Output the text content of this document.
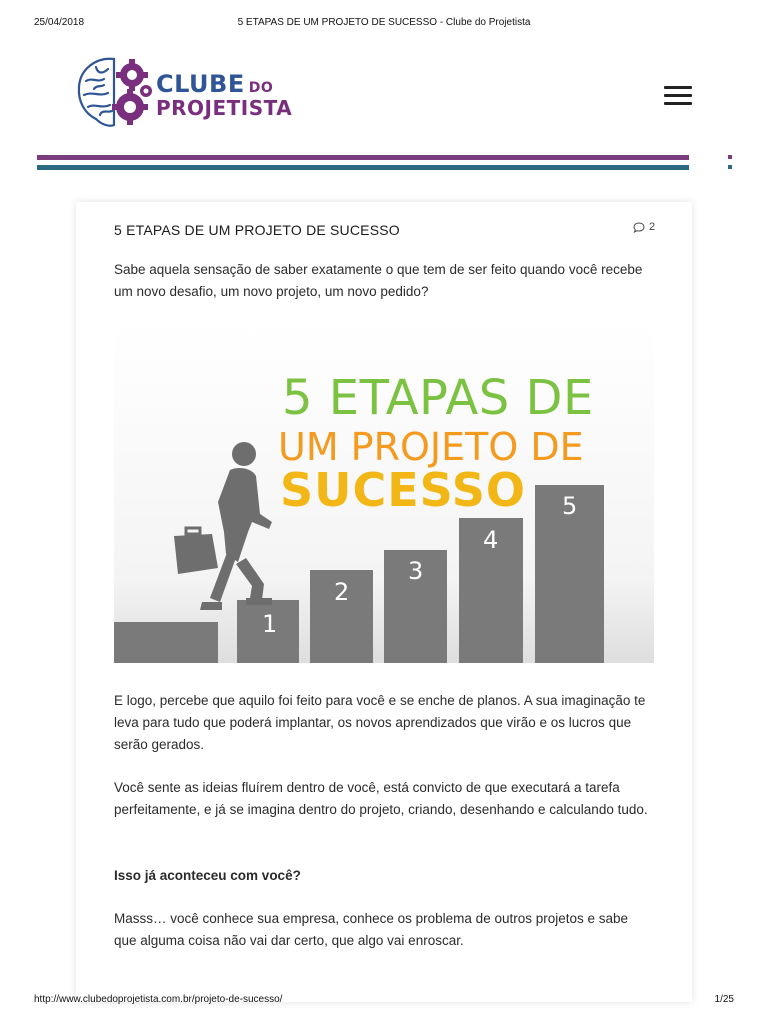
25/04/2018	5 ETAPAS DE UM PROJETO DE SUCESSO - Clube do Projetista
CLUBE DO
PROJETISTA
5 ETAPAS DE UM PROJETO DE SUCESSO	2

Sabe aquela sensação de saber exatamente o que tem de ser feito quando você recebe um novo desafio, um novo projeto, um novo pedido?

5 ETAPAS DE
UM PROJETO DE
SUCESSO
1
2
3
4
5

E logo, percebe que aquilo foi feito para você e se enche de planos. A sua imaginação te leva para tudo que poderá implantar, os novos aprendizados que virão e os lucros que serão gerados.

Você sente as ideias fluírem dentro de você, está convicto de que executará a tarefa perfeitamente, e já se imagina dentro do projeto, criando, desenhando e calculando tudo.

Isso já aconteceu com você?

Masss… você conhece sua empresa, conhece os problema de outros projetos e sabe que alguma coisa não vai dar certo, que algo vai enroscar.

http://www.clubedoprojetista.com.br/projeto-de-sucesso/	1/25
